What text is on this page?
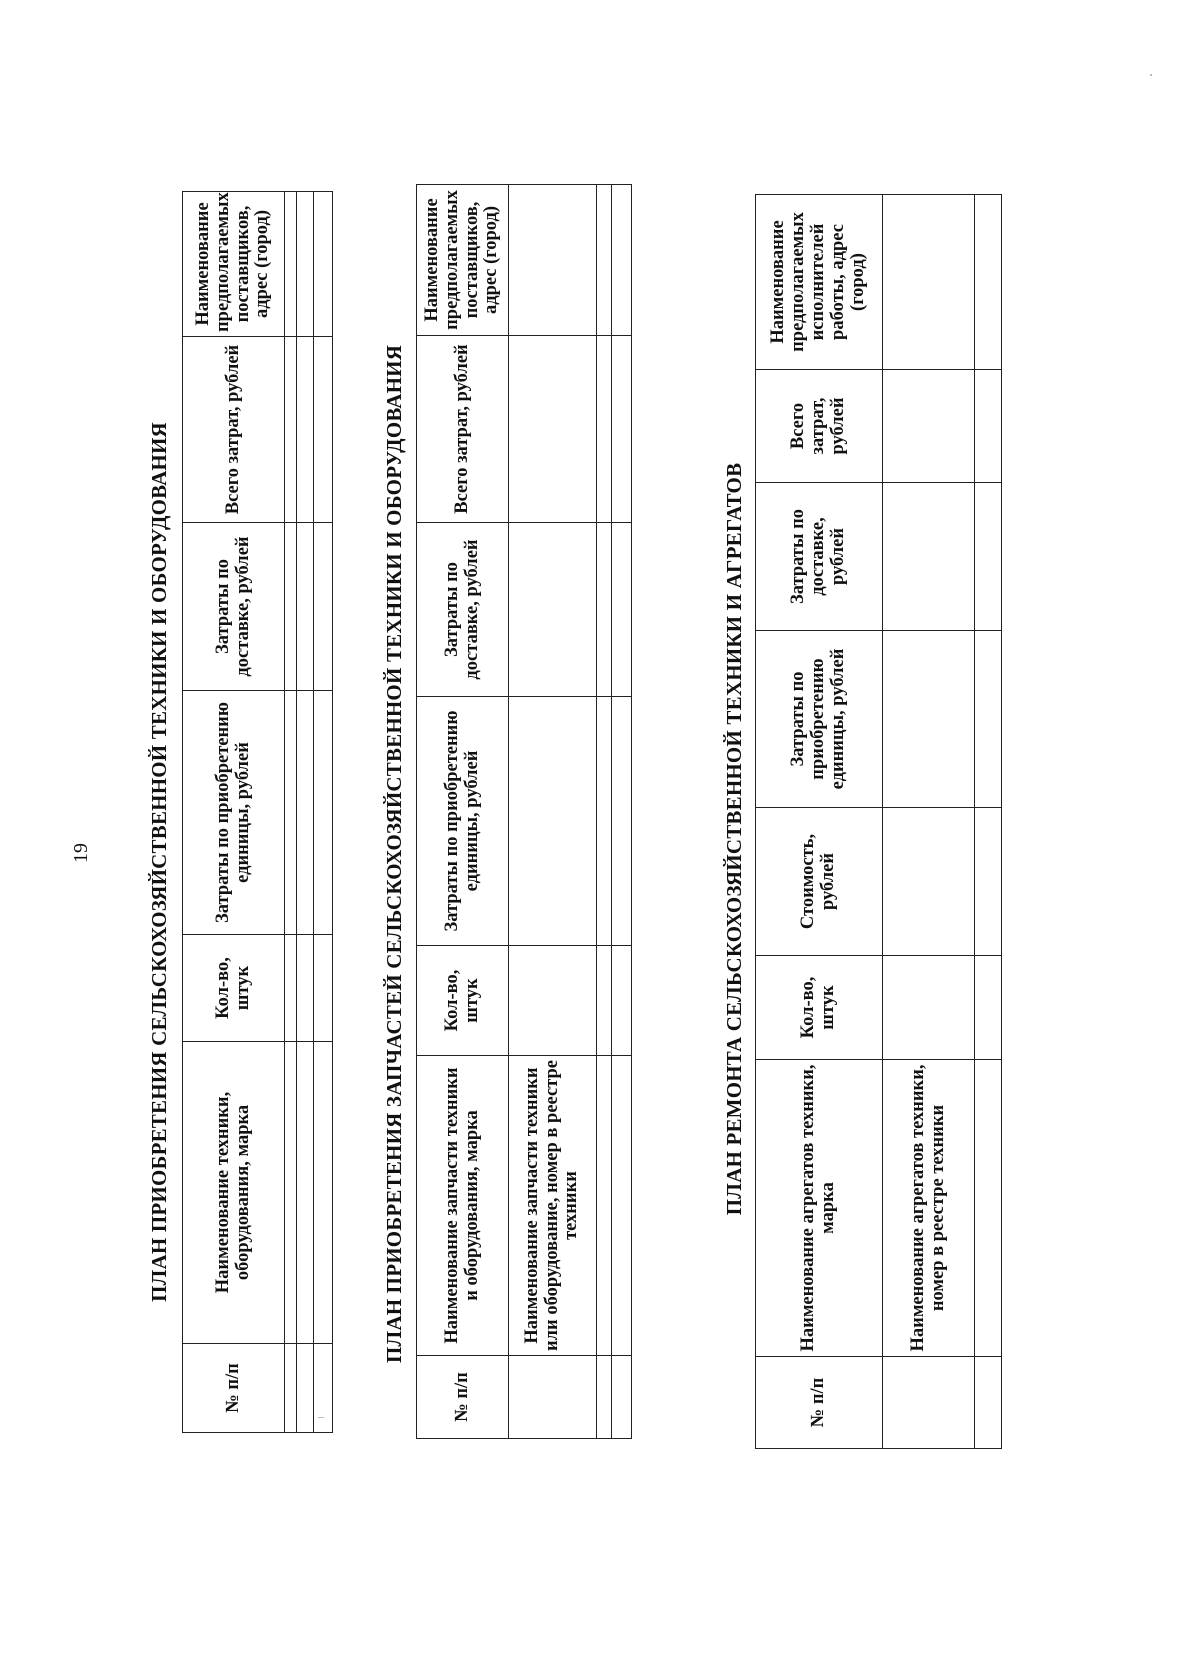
19	ПЛАН ПРИОБРЕТЕНИЯ СЕЛЬСКОХОЗЯЙСТВЕННОЙ ТЕХНИКИ И ОБОРУДОВАНИЯ
№ п/п	Наименование техники, оборудования, марка	Кол-во, штук	Затраты по приобретению единицы, рублей	Затраты по доставке, рублей	Всего затрат, рублей	Наименование предполагаемых поставщиков, адрес (город)

ПЛАН ПРИОБРЕТЕНИЯ ЗАПЧАСТЕЙ СЕЛЬСКОХОЗЯЙСТВЕННОЙ ТЕХНИКИ И ОБОРУДОВАНИЯ
№ п/п	Наименование запчасти техники и оборудования, марка	Кол-во, штук	Затраты по приобретению единицы, рублей	Затраты по доставке, рублей	Всего затрат, рублей	Наименование предполагаемых поставщиков, адрес (город)
	Наименование запчасти техники или оборудование, номер в реестре техники					

							ПЛАН РЕМОНТА СЕЛЬСКОХОЗЯЙСТВЕННОЙ ТЕХНИКИ И АГРЕГАТОВ
№ п/п	Наименование агрегатов техники, марка	Кол-во, штук	Стоимость, рублей	Затраты по приобретению единицы, рублей	Затраты по доставке, рублей	Всего затрат, рублей	Наименование предполагаемых исполнителей работы, адрес (город)
	Наименование агрегатов техники, номер в реестре техники						
